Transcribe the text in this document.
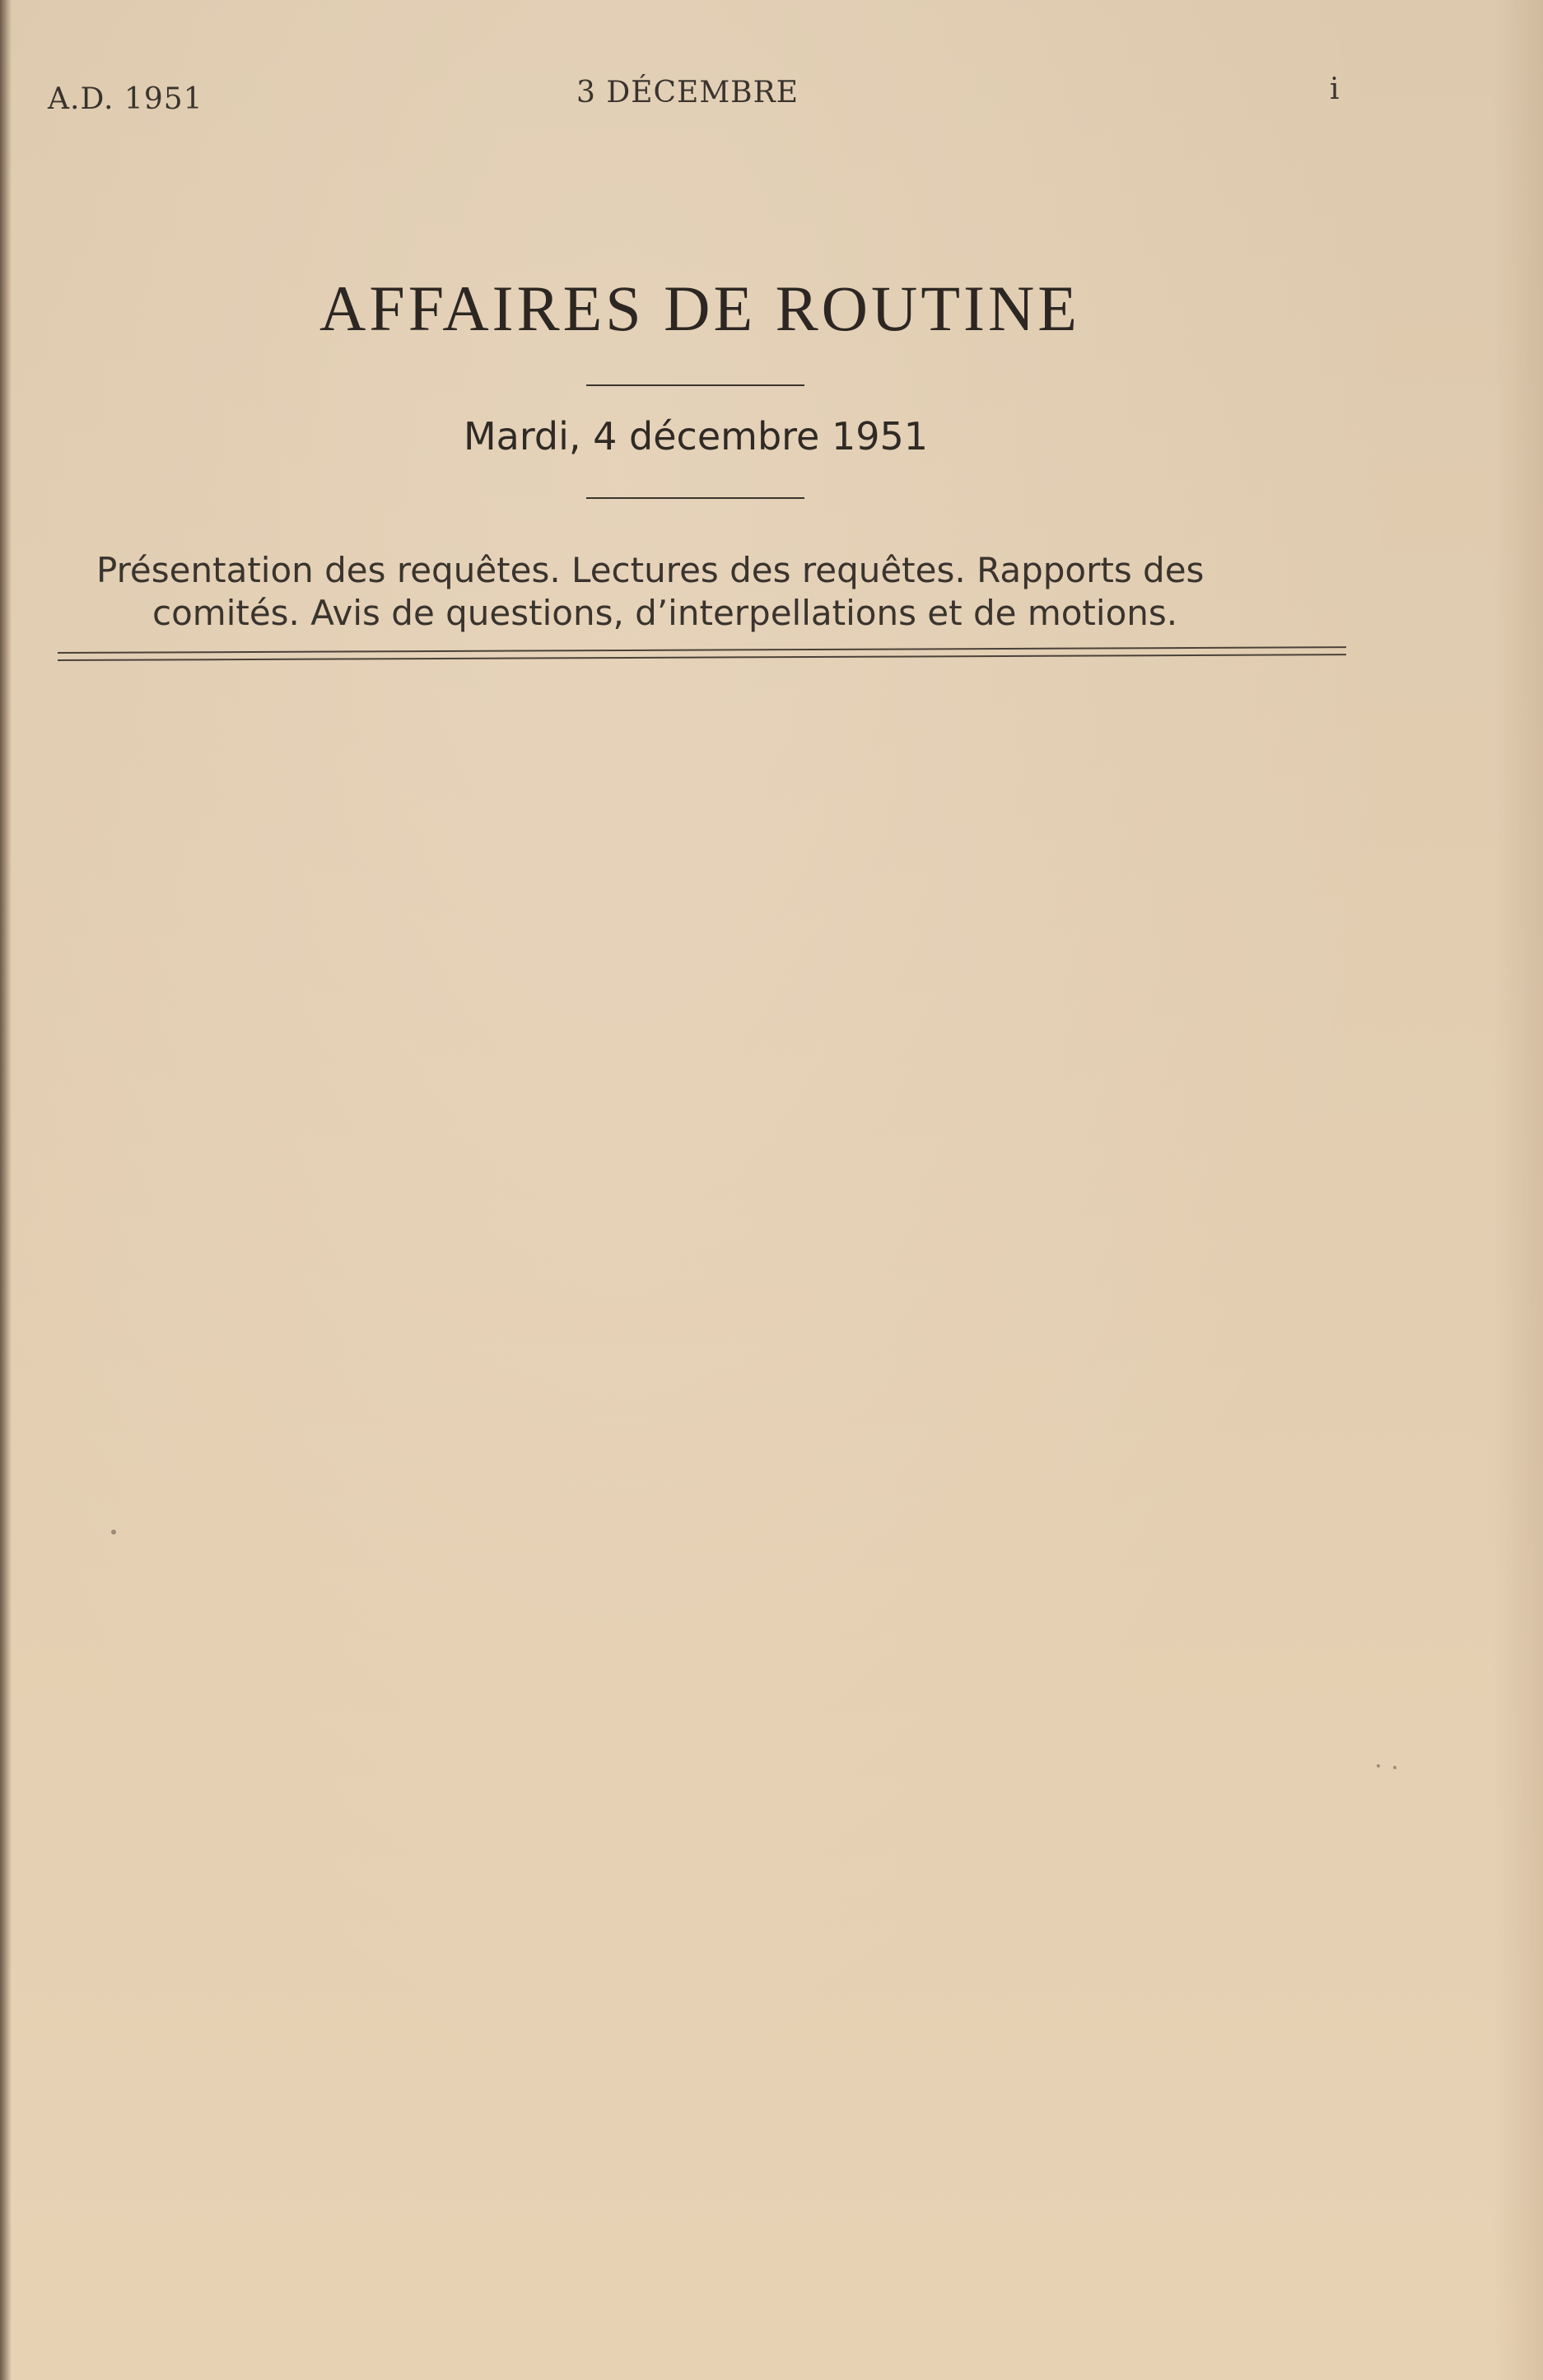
A.D. 1951	3 DÉCEMBRE	i
AFFAIRES DE ROUTINE
Mardi, 4 décembre 1951
Présentation des requêtes. Lectures des requêtes. Rapports des
comités. Avis de questions, d’interpellations et de motions.
